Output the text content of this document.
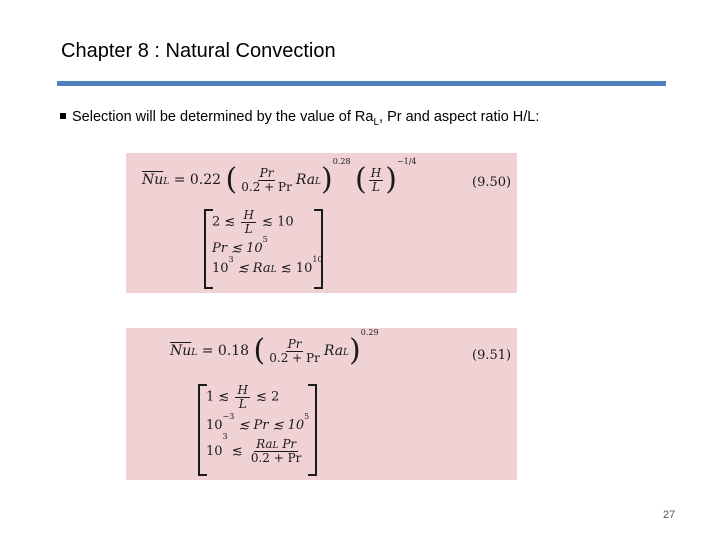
Chapter 8 : Natural Convection
Selection will be determined by the value of $Ra_L$, Pr and aspect ratio H/L:
$\overline{Nu}L = 0.22$ ( $\frac{Pr}{0.2 + Pr} RaL)^{0.28}$ ( $\frac{H}{L} )^{-1/4}$
(9.50)
2 ≲ $\frac{H}{L}$ ≲ 10
Pr ≲ $10^5$
$10^3$ ≲ RaL ≲ $10^{10}$
$\overline{Nu}L = 0.18$ ( $\frac{Pr}{0.2 + Pr} RaL)^{0.29}$
(9.51)
1 ≲ $\frac{H}{L}$ ≲ 2
$10^{-3}$ ≲ Pr ≲ $10^5$
$10^3$ ≲ $\frac{\text{RaL Pr}}{0.2 + Pr}$
27
